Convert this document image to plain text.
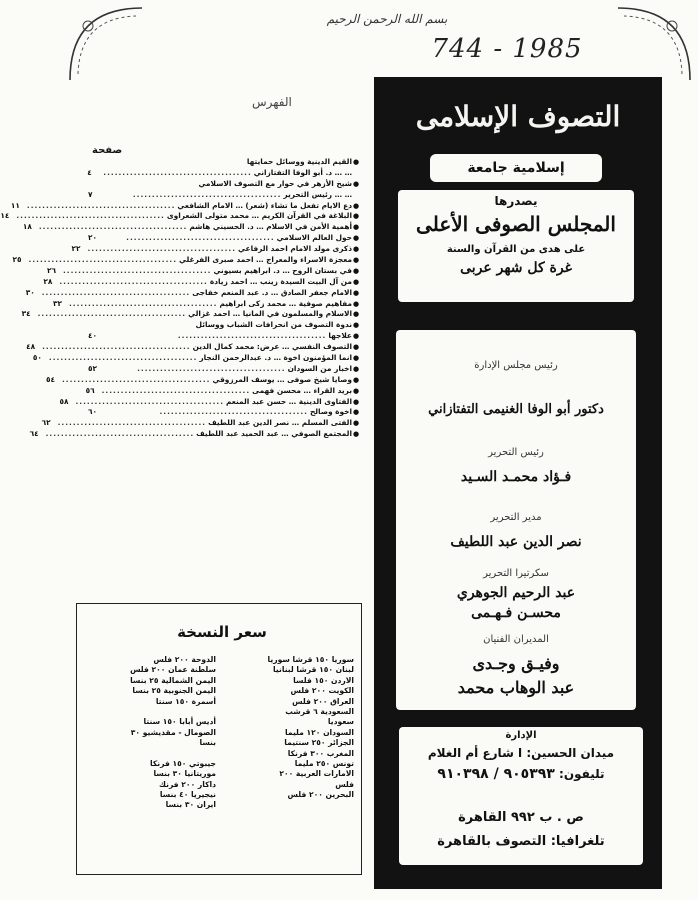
بسم الله الرحمن الرحيم
744 - 1985
الفهرس
صفحة
●
القيم الدينية ووسائل حمايتها
… … د. أبو الوفا التفتازاني
.......................................
٤
●
شيخ الأزهر في حوار مع التصوف الاسلامي
… … رئيس التحرير
.......................................
٧
●
دع الايام تفعل ما تشاء (شعر) … الامام الشافعي
.......................................
١١
●
البلاغة في القرآن الكريم … محمد متولى الشعراوى
.......................................
١٤
●
أهمية الأمن في الاسلام … د. الحسيني هاشم
.......................................
١٨
●
حول العالم الاسلامي
.......................................
٢٠
●
ذكرى مولد الامام احمد الرفاعي
.......................................
٢٢
●
معجزة الاسراء والمعراج … احمد صبرى الفرغلي
.......................................
٢٥
●
في بستان الروح … د. ابراهيم بسيوني
.......................................
٢٦
●
من آل البيت السيدة زينب … احمد زيادة
.......................................
٢٨
●
الامام جعفر الصادق … د. عبد المنعم خفاجى
.......................................
٣٠
●
مفاهيم صوفية … محمد زكى ابراهيم
.......................................
٣٢
●
الاسلام والمسلمون في المانيا … احمد غزالي
.......................................
٣٤
●
ندوة التصوف من انحرافات الشباب ووسائل
●
علاجها
.......................................
٤٠
●
التصوف النفسي … عرض: محمد كمال الدين
.......................................
٤٨
●
انما المؤمنون اخوة … د. عبدالرحمن النجار
.......................................
٥٠
●
اخبار من السودان
.......................................
٥٢
●
وصايا شيخ صوفى … يوسف المرزوقي
.......................................
٥٤
●
بريد القراء … محسن فهمى
.......................................
٥٦
●
الفتاوى الدينية … حسن عبد المنعم
.......................................
٥٨
●
اخوة وصالح
.......................................
٦٠
●
الفتى المسلم … نصر الدين عبد اللطيف
.......................................
٦٢
●
المجتمع الصوفي … عبد الحميد عبد اللطيف
.......................................
٦٤
سعر النسخة
سوريا ١٥٠ قرشا سوريا
لبنان ١٥٠ قرشا لبنانيا
الاردن ١٥٠ فلسا
الكويت ٢٠٠ فلس
العراق ٢٠٠ فلس
السعودية ٦ قرشب
سعوديا
السودان ١٢٠ مليما
الجزائر ٢٥٠ سنتيما
المغرب ٣٠٠ فرنكا
تونس ٢٥٠ مليما
الامارات العربية ٢٠٠
فلس
البحرين ٢٠٠ فلس
الدوحة ٢٠٠ فلس
سلطنة عمان ٢٠٠ فلس
اليمن الشمالية ٢٥ بنسا
اليمن الجنوبية ٢٥ بنسا
أسمرة ١٥٠ سنتا
أديس أبابا ١٥٠ سنتا
الصومال - مقديشيو ٣٠
بنسا
جيبوتي ١٥٠ فرنكا
موريتانيا ٣٠ بنسا
داكار ٢٠٠ فرنك
نيجيريا ٤٠ بنسا
ايران ٣٠ بنسا
التصوف الإسلامى
إسلامية جامعة
يصدرها
المجلس الصوفى الأعلى
على هدى من القرآن والسنة
غرة كل شهر عربى
رئيس مجلس الإدارة
دكتور أبو الوفا الغنيمى التفتازاني
رئيس التحرير
فـؤاد محمـد السـيد
مدير التحرير
نصر الدين عبد اللطيف
سكرتيرا التحرير
عبد الرحيم الجوهري
محسـن فـهـمى
المديران الفنيان
وفيـق وجـدى
عبد الوهاب محمد
الإدارة
ميدان الحسين: ا شارع أم الغلام
تليفون: ٩٠٥٣٩٣ / ٩١٠٣٩٨
ص . ب ٩٩٢ القاهرة
تلغرافيا: التصوف بالقاهرة
